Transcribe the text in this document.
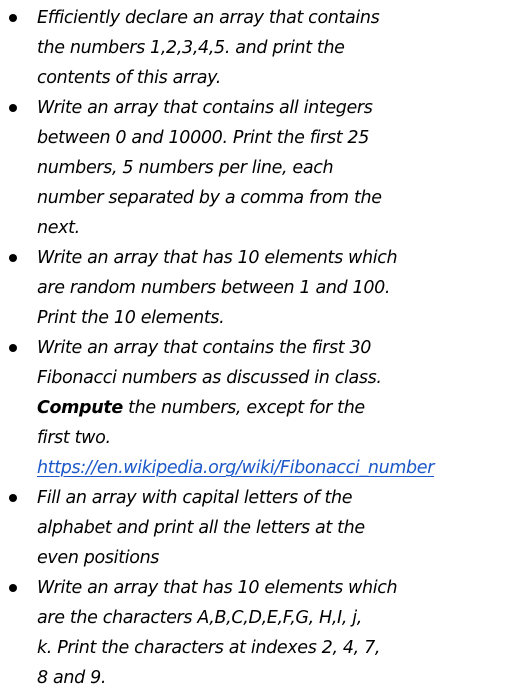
Efficiently declare an array that contains
the numbers 1,2,3,4,5. and print the
contents of this array.
Write an array that contains all integers
between 0 and 10000. Print the first 25
numbers, 5 numbers per line, each
number separated by a comma from the
next.
Write an array that has 10 elements which
are random numbers between 1 and 100.
Print the 10 elements.
Write an array that contains the first 30
Fibonacci numbers as discussed in class.
Compute the numbers, except for the
first two.
https://en.wikipedia.org/wiki/Fibonacci_number
Fill an array with capital letters of the
alphabet and print all the letters at the
even positions
Write an array that has 10 elements which
are the characters A,B,C,D,E,F,G, H,I, j,
k. Print the characters at indexes 2, 4, 7,
8 and 9.
